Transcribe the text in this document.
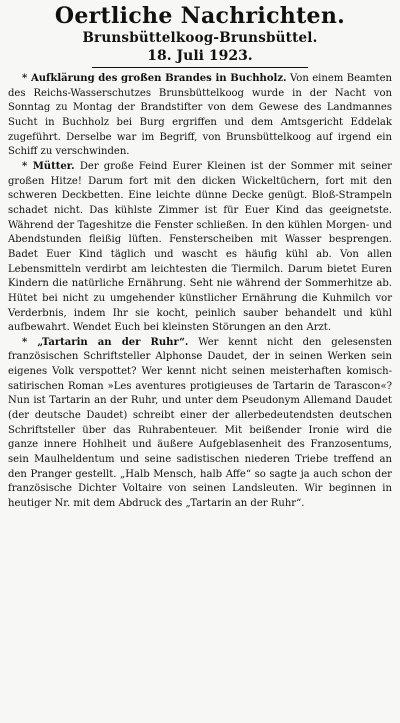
Oertliche Nachrichten.

Brunsbüttelkoog-Brunsbüttel.

18. Juli 1923.

* Aufklärung des großen Brandes in Buchholz. Von einem Beamten des Reichs-Wasserschutzes Brunsbüttelkoog wurde in der Nacht von Sonntag zu Montag der Brandstifter von dem Gewese des Landmannes Sucht in Buchholz bei Burg ergriffen und dem Amtsgericht Eddelak zugeführt. Derselbe war im Begriff, von Brunsbüttelkoog auf irgend ein Schiff zu verschwinden.

* Mütter. Der große Feind Eurer Kleinen ist der Sommer mit seiner großen Hitze! Darum fort mit den dicken Wickeltüchern, fort mit den schweren Deckbetten. Eine leichte dünne Decke genügt. Bloß-Strampeln schadet nicht. Das kühlste Zimmer ist für Euer Kind das geeignetste. Während der Tageshitze die Fenster schließen. In den kühlen Morgen- und Abendstunden fleißig lüften. Fensterscheiben mit Wasser besprengen. Badet Euer Kind täglich und wascht es häufig kühl ab. Von allen Lebensmitteln verdirbt am leichtesten die Tiermilch. Darum bietet Euren Kindern die natürliche Ernährung. Seht nie während der Sommerhitze ab. Hütet bei nicht zu umgehender künstlicher Ernährung die Kuhmilch vor Verderbnis, indem Ihr sie kocht, peinlich sauber behandelt und kühl aufbewahrt. Wendet Euch bei kleinsten Störungen an den Arzt.

* „Tartarin an der Ruhr“. Wer kennt nicht den gelesensten französischen Schriftsteller Alphonse Daudet, der in seinen Werken sein eigenes Volk verspottet? Wer kennt nicht seinen meisterhaften komisch-satirischen Roman »Les aventures protigieuses de Tartarin de Tarascon«? Nun ist Tartarin an der Ruhr, und unter dem Pseudonym Allemand Daudet (der deutsche Daudet) schreibt einer der allerbedeutendsten deutschen Schriftsteller über das Ruhrabenteuer. Mit beißender Ironie wird die ganze innere Hohlheit und äußere Aufgeblasenheit des Franzosentums, sein Maulheldentum und seine sadistischen niederen Triebe treffend an den Pranger gestellt. „Halb Mensch, halb Affe“ so sagte ja auch schon der französische Dichter Voltaire von seinen Landsleuten. Wir beginnen in heutiger Nr. mit dem Abdruck des „Tartarin an der Ruhr“.
